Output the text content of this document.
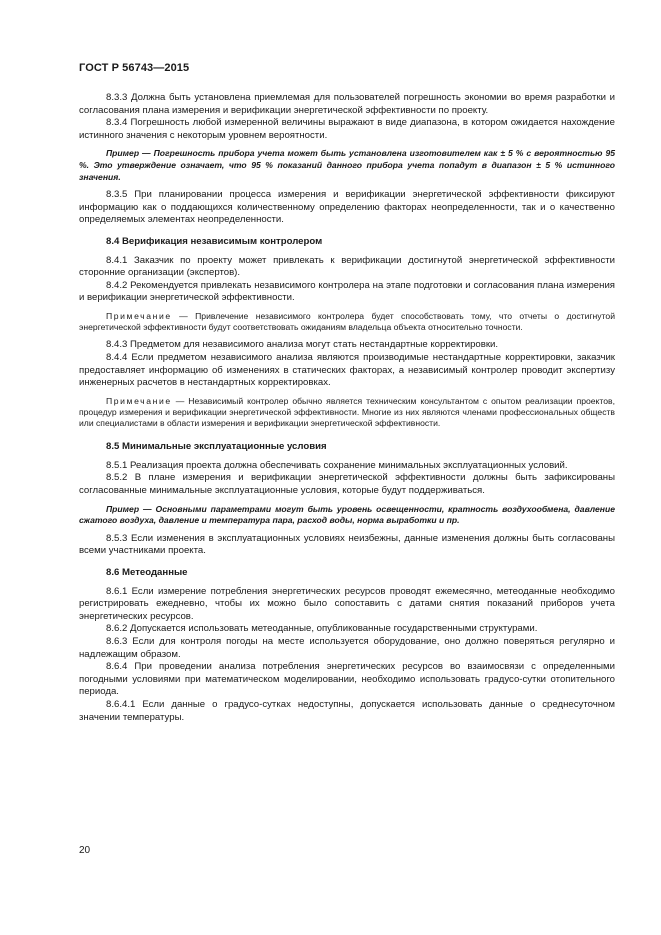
ГОСТ Р 56743—2015

8.3.3 Должна быть установлена приемлемая для пользователей погрешность экономии во время разработки и согласования плана измерения и верификации энергетической эффективности по проекту.

8.3.4 Погрешность любой измеренной величины выражают в виде диапазона, в котором ожидается нахождение истинного значения с некоторым уровнем вероятности.

Пример — Погрешность прибора учета может быть установлена изготовителем как ± 5 % с вероятностью 95 %. Это утверждение означает, что 95 % показаний данного прибора учета попадут в диапазон ± 5 % истинного значения.

8.3.5 При планировании процесса измерения и верификации энергетической эффективности фиксируют информацию как о поддающихся количественному определению факторах неопределенности, так и о качественно определяемых элементах неопределенности.

8.4 Верификация независимым контролером

8.4.1 Заказчик по проекту может привлекать к верификации достигнутой энергетической эффективности сторонние организации (экспертов).

8.4.2 Рекомендуется привлекать независимого контролера на этапе подготовки и согласования плана измерения и верификации энергетической эффективности.

Примечание — Привлечение независимого контролера будет способствовать тому, что отчеты о достигнутой энергетической эффективности будут соответствовать ожиданиям владельца объекта относительно точности.

8.4.3 Предметом для независимого анализа могут стать нестандартные корректировки.

8.4.4 Если предметом независимого анализа являются производимые нестандартные корректировки, заказчик предоставляет информацию об изменениях в статических факторах, а независимый контролер проводит экспертизу инженерных расчетов в нестандартных корректировках.

Примечание — Независимый контролер обычно является техническим консультантом с опытом реализации проектов, процедур измерения и верификации энергетической эффективности. Многие из них являются членами профессиональных обществ или специалистами в области измерения и верификации энергетической эффективности.

8.5 Минимальные эксплуатационные условия

8.5.1 Реализация проекта должна обеспечивать сохранение минимальных эксплуатационных условий.

8.5.2 В плане измерения и верификации энергетической эффективности должны быть зафиксированы согласованные минимальные эксплуатационные условия, которые будут поддерживаться.

Пример — Основными параметрами могут быть уровень освещенности, кратность воздухообмена, давление сжатого воздуха, давление и температура пара, расход воды, норма выработки и пр.

8.5.3 Если изменения в эксплуатационных условиях неизбежны, данные изменения должны быть согласованы всеми участниками проекта.

8.6 Метеоданные

8.6.1 Если измерение потребления энергетических ресурсов проводят ежемесячно, метеоданные необходимо регистрировать ежедневно, чтобы их можно было сопоставить с датами снятия показаний приборов учета энергетических ресурсов.

8.6.2 Допускается использовать метеоданные, опубликованные государственными структурами.

8.6.3 Если для контроля погоды на месте используется оборудование, оно должно поверяться регулярно и надлежащим образом.

8.6.4 При проведении анализа потребления энергетических ресурсов во взаимосвязи с определенными погодными условиями при математическом моделировании, необходимо использовать градусо-сутки отопительного периода.

8.6.4.1 Если данные о градусо-сутках недоступны, допускается использовать данные о среднесуточном значении температуры.

20
